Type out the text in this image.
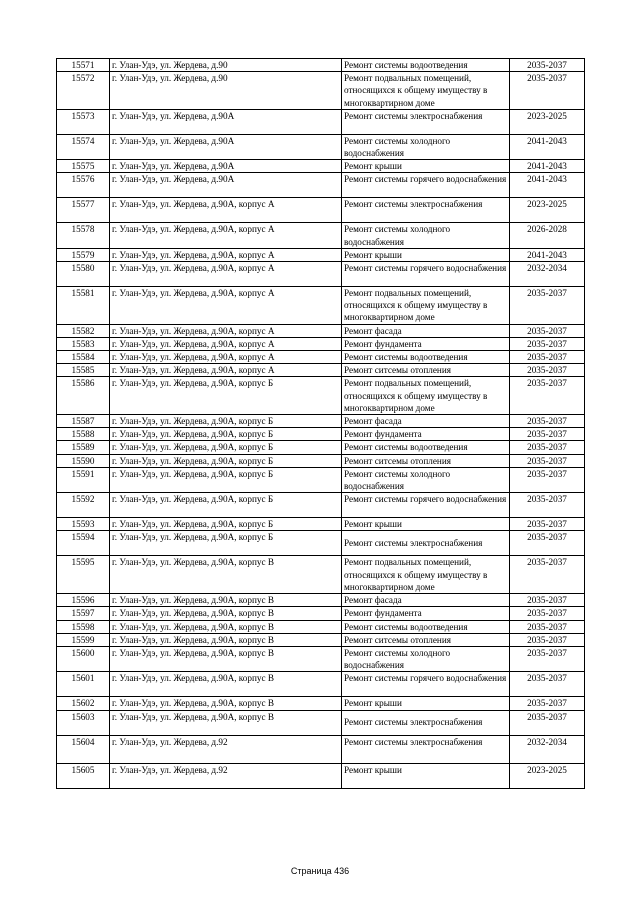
15571	г. Улан-Удэ, ул. Жердева, д.90	Ремонт системы водоотведения	2035-2037
15572	г. Улан-Удэ, ул. Жердева, д.90	Ремонт подвальных помещений, относящихся к общему имуществу в многоквартирном доме	2035-2037
15573	г. Улан-Удэ, ул. Жердева, д.90А	Ремонт системы электроснабжения	2023-2025
15574	г. Улан-Удэ, ул. Жердева, д.90А	Ремонт системы холодного водоснабжения	2041-2043
15575	г. Улан-Удэ, ул. Жердева, д.90А	Ремонт крыши	2041-2043
15576	г. Улан-Удэ, ул. Жердева, д.90А	Ремонт системы горячего водоснабжения	2041-2043
15577	г. Улан-Удэ, ул. Жердева, д.90А, корпус А	Ремонт системы электроснабжения	2023-2025
15578	г. Улан-Удэ, ул. Жердева, д.90А, корпус А	Ремонт системы холодного водоснабжения	2026-2028
15579	г. Улан-Удэ, ул. Жердева, д.90А, корпус А	Ремонт крыши	2041-2043
15580	г. Улан-Удэ, ул. Жердева, д.90А, корпус А	Ремонт системы горячего водоснабжения	2032-2034
15581	г. Улан-Удэ, ул. Жердева, д.90А, корпус А	Ремонт подвальных помещений, относящихся к общему имуществу в многоквартирном доме	2035-2037
15582	г. Улан-Удэ, ул. Жердева, д.90А, корпус А	Ремонт фасада	2035-2037
15583	г. Улан-Удэ, ул. Жердева, д.90А, корпус А	Ремонт фундамента	2035-2037
15584	г. Улан-Удэ, ул. Жердева, д.90А, корпус А	Ремонт системы водоотведения	2035-2037
15585	г. Улан-Удэ, ул. Жердева, д.90А, корпус А	Ремонт ситсемы отопления	2035-2037
15586	г. Улан-Удэ, ул. Жердева, д.90А, корпус Б	Ремонт подвальных помещений, относящихся к общему имуществу в многоквартирном доме	2035-2037
15587	г. Улан-Удэ, ул. Жердева, д.90А, корпус Б	Ремонт фасада	2035-2037
15588	г. Улан-Удэ, ул. Жердева, д.90А, корпус Б	Ремонт фундамента	2035-2037
15589	г. Улан-Удэ, ул. Жердева, д.90А, корпус Б	Ремонт системы водоотведения	2035-2037
15590	г. Улан-Удэ, ул. Жердева, д.90А, корпус Б	Ремонт ситсемы отопления	2035-2037
15591	г. Улан-Удэ, ул. Жердева, д.90А, корпус Б	Ремонт системы холодного водоснабжения	2035-2037
15592	г. Улан-Удэ, ул. Жердева, д.90А, корпус Б	Ремонт системы горячего водоснабжения	2035-2037
15593	г. Улан-Удэ, ул. Жердева, д.90А, корпус Б	Ремонт крыши	2035-2037
15594	г. Улан-Удэ, ул. Жердева, д.90А, корпус Б	Ремонт системы электроснабжения	2035-2037
15595	г. Улан-Удэ, ул. Жердева, д.90А, корпус В	Ремонт подвальных помещений, относящихся к общему имуществу в многоквартирном доме	2035-2037
15596	г. Улан-Удэ, ул. Жердева, д.90А, корпус В	Ремонт фасада	2035-2037
15597	г. Улан-Удэ, ул. Жердева, д.90А, корпус В	Ремонт фундамента	2035-2037
15598	г. Улан-Удэ, ул. Жердева, д.90А, корпус В	Ремонт системы водоотведения	2035-2037
15599	г. Улан-Удэ, ул. Жердева, д.90А, корпус В	Ремонт ситсемы отопления	2035-2037
15600	г. Улан-Удэ, ул. Жердева, д.90А, корпус В	Ремонт системы холодного водоснабжения	2035-2037
15601	г. Улан-Удэ, ул. Жердева, д.90А, корпус В	Ремонт системы горячего водоснабжения	2035-2037
15602	г. Улан-Удэ, ул. Жердева, д.90А, корпус В	Ремонт крыши	2035-2037
15603	г. Улан-Удэ, ул. Жердева, д.90А, корпус В	Ремонт системы электроснабжения	2035-2037
15604	г. Улан-Удэ, ул. Жердева, д.92	Ремонт системы электроснабжения	2032-2034
15605	г. Улан-Удэ, ул. Жердева, д.92	Ремонт крыши	2023-2025
Страница 436
